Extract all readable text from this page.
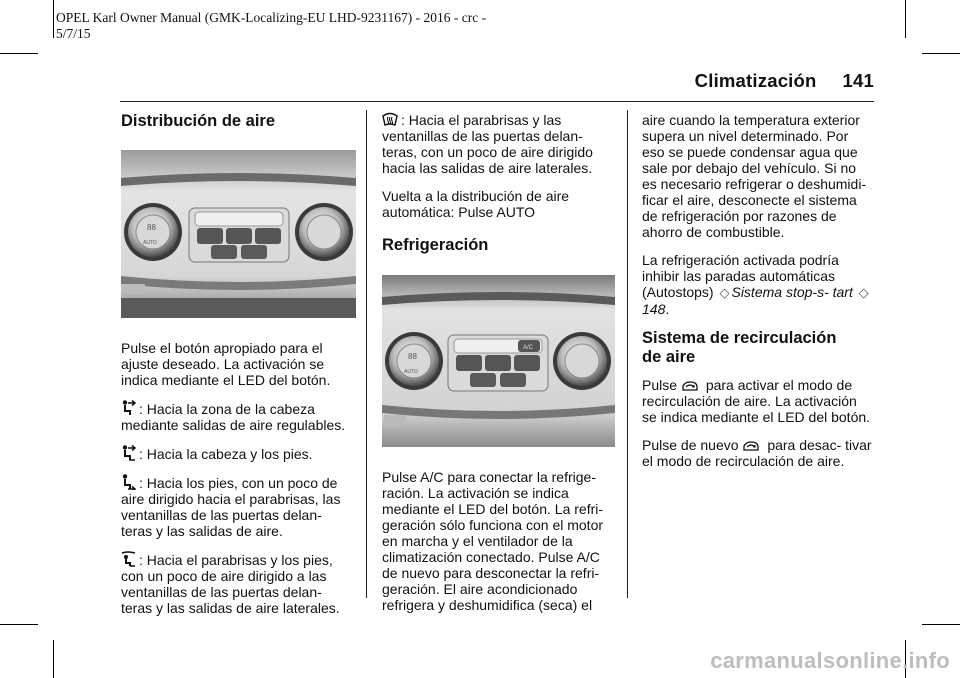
OPEL Karl Owner Manual (GMK-Localizing-EU LHD-9231167) - 2016 - crc -
5/7/15
Climatización 141
Distribución de aire
88
AUTO

Pulse el botón apropiado para el ajuste deseado. La activación se indica mediante el LED del botón.

: Hacia la zona de la cabeza mediante salidas de aire regulables.

: Hacia la cabeza y los pies.

: Hacia los pies, con un poco de aire dirigido hacia el parabrisas, las ventanillas de las puertas delan- teras y las salidas de aire.

: Hacia el parabrisas y los pies, con un poco de aire dirigido a las ventanillas de las puertas delan- teras y las salidas de aire laterales.

: Hacia el parabrisas y las ventanillas de las puertas delan- teras, con un poco de aire dirigido hacia las salidas de aire laterales.

Vuelta a la distribución de aire automática: Pulse AUTO

Refrigeración
88
AUTO
A/C

Pulse A/C para conectar la refrige- ración. La activación se indica mediante el LED del botón. La refri- geración sólo funciona con el motor en marcha y el ventilador de la climatización conectado. Pulse A/C de nuevo para desconectar la refri- geración. El aire acondicionado refrigera y deshumidifica (seca) el

aire cuando la temperatura exterior supera un nivel determinado. Por eso se puede condensar agua que sale por debajo del vehículo. Si no es necesario refrigerar o deshumidi- ficar el aire, desconecte el sistema de refrigeración por razones de ahorro de combustible.

La refrigeración activada podría inhibir las paradas automáticas (Autostops) ◇ Sistema stop-s- tart ◇148.

Sistema de recirculación
de aire

Pulse para activar el modo de recirculación de aire. La activación se indica mediante el LED del botón.

Pulse de nuevo para desac- tivar el modo de recirculación de aire.

carmanualsonline.info
